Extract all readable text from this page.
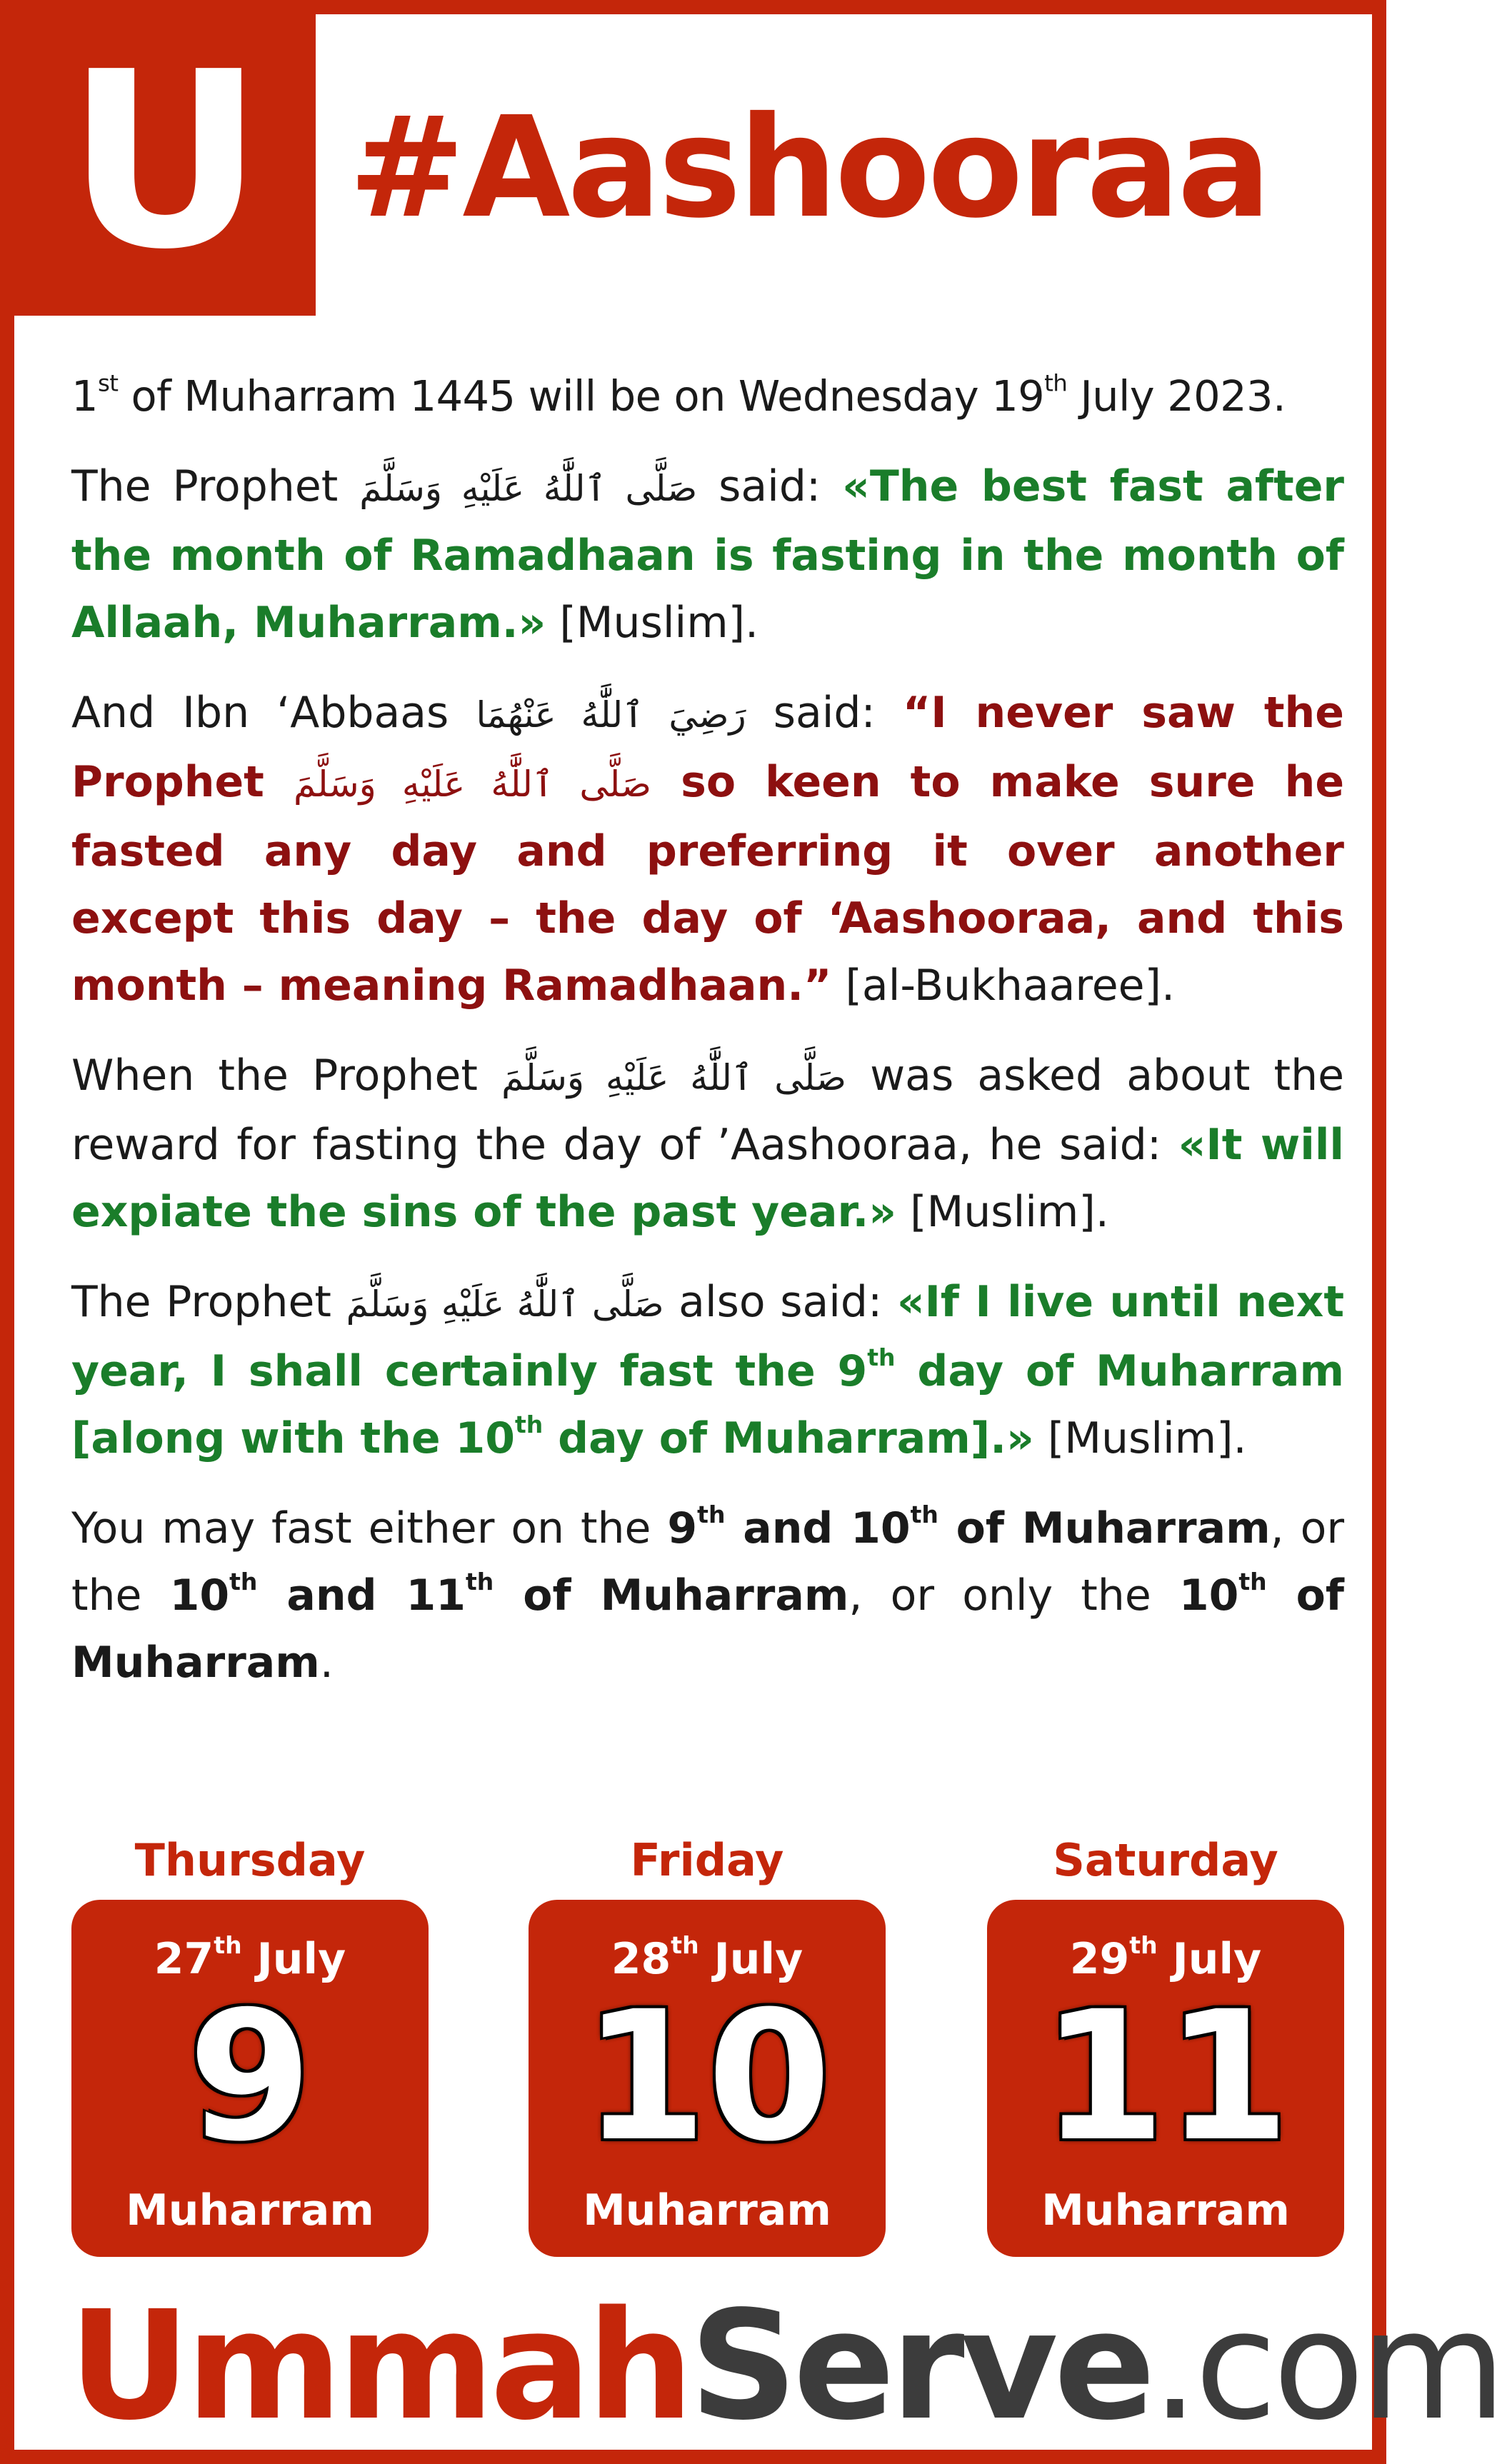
U #Aashooraa

1st of Muharram 1445 will be on Wednesday 19th July 2023.

The Prophet صَلَّى ٱللَّٰهُ عَلَيْهِ وَسَلَّمَ said: «The best fast after the month of Ramadhaan is fasting in the month of Allaah, Muharram.» [Muslim].

And Ibn ‘Abbaas رَضِيَ ٱللَّٰهُ عَنْهُمَا said: “I never saw the Prophet صَلَّى ٱللَّٰهُ عَلَيْهِ وَسَلَّمَ so keen to make sure he fasted any day and preferring it over another except this day – the day of ‘Aashooraa, and this month – meaning Ramadhaan.” [al-Bukhaaree].

When the Prophet صَلَّى ٱللَّٰهُ عَلَيْهِ وَسَلَّمَ was asked about the reward for fasting the day of ’Aashooraa, he said: «It will expiate the sins of the past year.» [Muslim].

The Prophet صَلَّى ٱللَّٰهُ عَلَيْهِ وَسَلَّمَ also said: «If I live until next year, I shall certainly fast the 9th day of Muharram [along with the 10th day of Muharram].» [Muslim].

You may fast either on the 9th and 10th of Muharram, or the 10th and 11th of Muharram, or only the 10th of Muharram.

Thursday
27th July
9
Muharram
Friday
28th July
10
Muharram
Saturday
29th July
11
Muharram
UmmahServe.com
